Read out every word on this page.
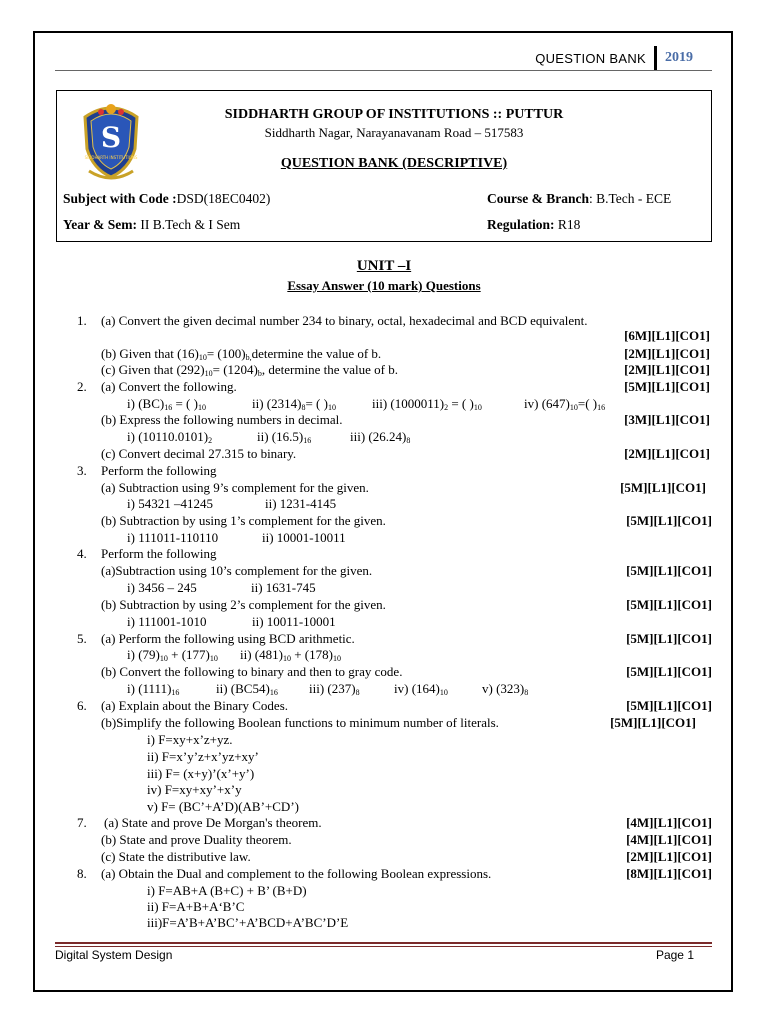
QUESTION BANK	2019
S
SIDDHARTH INSTITUTIONS
SIDDHARTH GROUP OF INSTITUTIONS :: PUTTUR
Siddharth Nagar, Narayanavanam Road – 517583
QUESTION BANK (DESCRIPTIVE)
Subject with Code :DSD(18EC0402)	Course & Branch: B.Tech - ECE
Year & Sem: II B.Tech & I Sem	Regulation: R18
UNIT –I
Essay Answer (10 mark) Questions
1. (a) Convert the given decimal number 234 to binary, octal, hexadecimal and BCD equivalent.
[6M][L1][CO1]
(b) Given that $(16)_{10}=$ $(100)_{b,}determine$ the value of b.	[2M][L1][CO1]
(c) Given that $(292)_{10}= (1204)_b$, determine the value of b.	[2M][L1][CO1]
2. (a) Convert the following.	[5M][L1][CO1]
i) $(BC)_{16}$ = ( )$_{10}$	ii) $(2314)_8=$ ( )$_{10}$	iii) $(1000011)_2$ = ( )$_{10}$	iv) $(647)_{10}=$( )$_{16}$
(b) Express the following numbers in decimal.	[3M][L1][CO1]
i) $(10110.0101)_2$	ii) $(16.5)_{16}$	iii) $(26.24)_8$
(c) Convert decimal 27.315 to binary.	[2M][L1][CO1]
3. Perform the following
(a) Subtraction using 9’s complement for the given.	[5M][L1][CO1]
i) 54321 –41245	ii) 1231-4145
(b) Subtraction by using 1’s complement for the given.	[5M][L1][CO1]
i) 111011-110110	ii) 10001-10011
4. Perform the following
(a)Subtraction using 10’s complement for the given.	[5M][L1][CO1]
i) 3456 – 245	ii) 1631-745
(b) Subtraction by using 2’s complement for the given.	[5M][L1][CO1]
i) 111001-1010	ii) 10011-10001
5. (a) Perform the following using BCD arithmetic.	[5M][L1][CO1]
i) $(79)_{10} + (177)_{10}$ ii) $(481)_{10} + (178)_{10}$
(b) Convert the following to binary and then to gray code.	[5M][L1][CO1]
i) $(1111)_{16}$	ii) $(BC54)_{16}$ iii) $(237)_8$	iv) $(164)_{10}$	v) $(323)_8$
6. (a) Explain about the Binary Codes.	[5M][L1][CO1]
(b)Simplify the following Boolean functions to minimum number of literals.	[5M][L1][CO1]
i) F=xy+x’z+yz.
ii) F=x’y’z+x’yz+xy’
iii) F= (x+y)’(x’+y’)
iv) F=xy+xy’+x’y
v) F= (BC’+A’D)(AB’+CD’)
7. (a) State and prove De Morgan's theorem.	[4M][L1][CO1]
(b) State and prove Duality theorem.	[4M][L1][CO1]
(c) State the distributive law.	[2M][L1][CO1]
8. (a) Obtain the Dual and complement to the following Boolean expressions.	[8M][L1][CO1]
i) F=AB+A (B+C) + B’ (B+D)
ii) F=A+B+A‘B’C
iii)F=A’B+A’BC’+A’BCD+A’BC’D’E
Digital System Design	Page 1
